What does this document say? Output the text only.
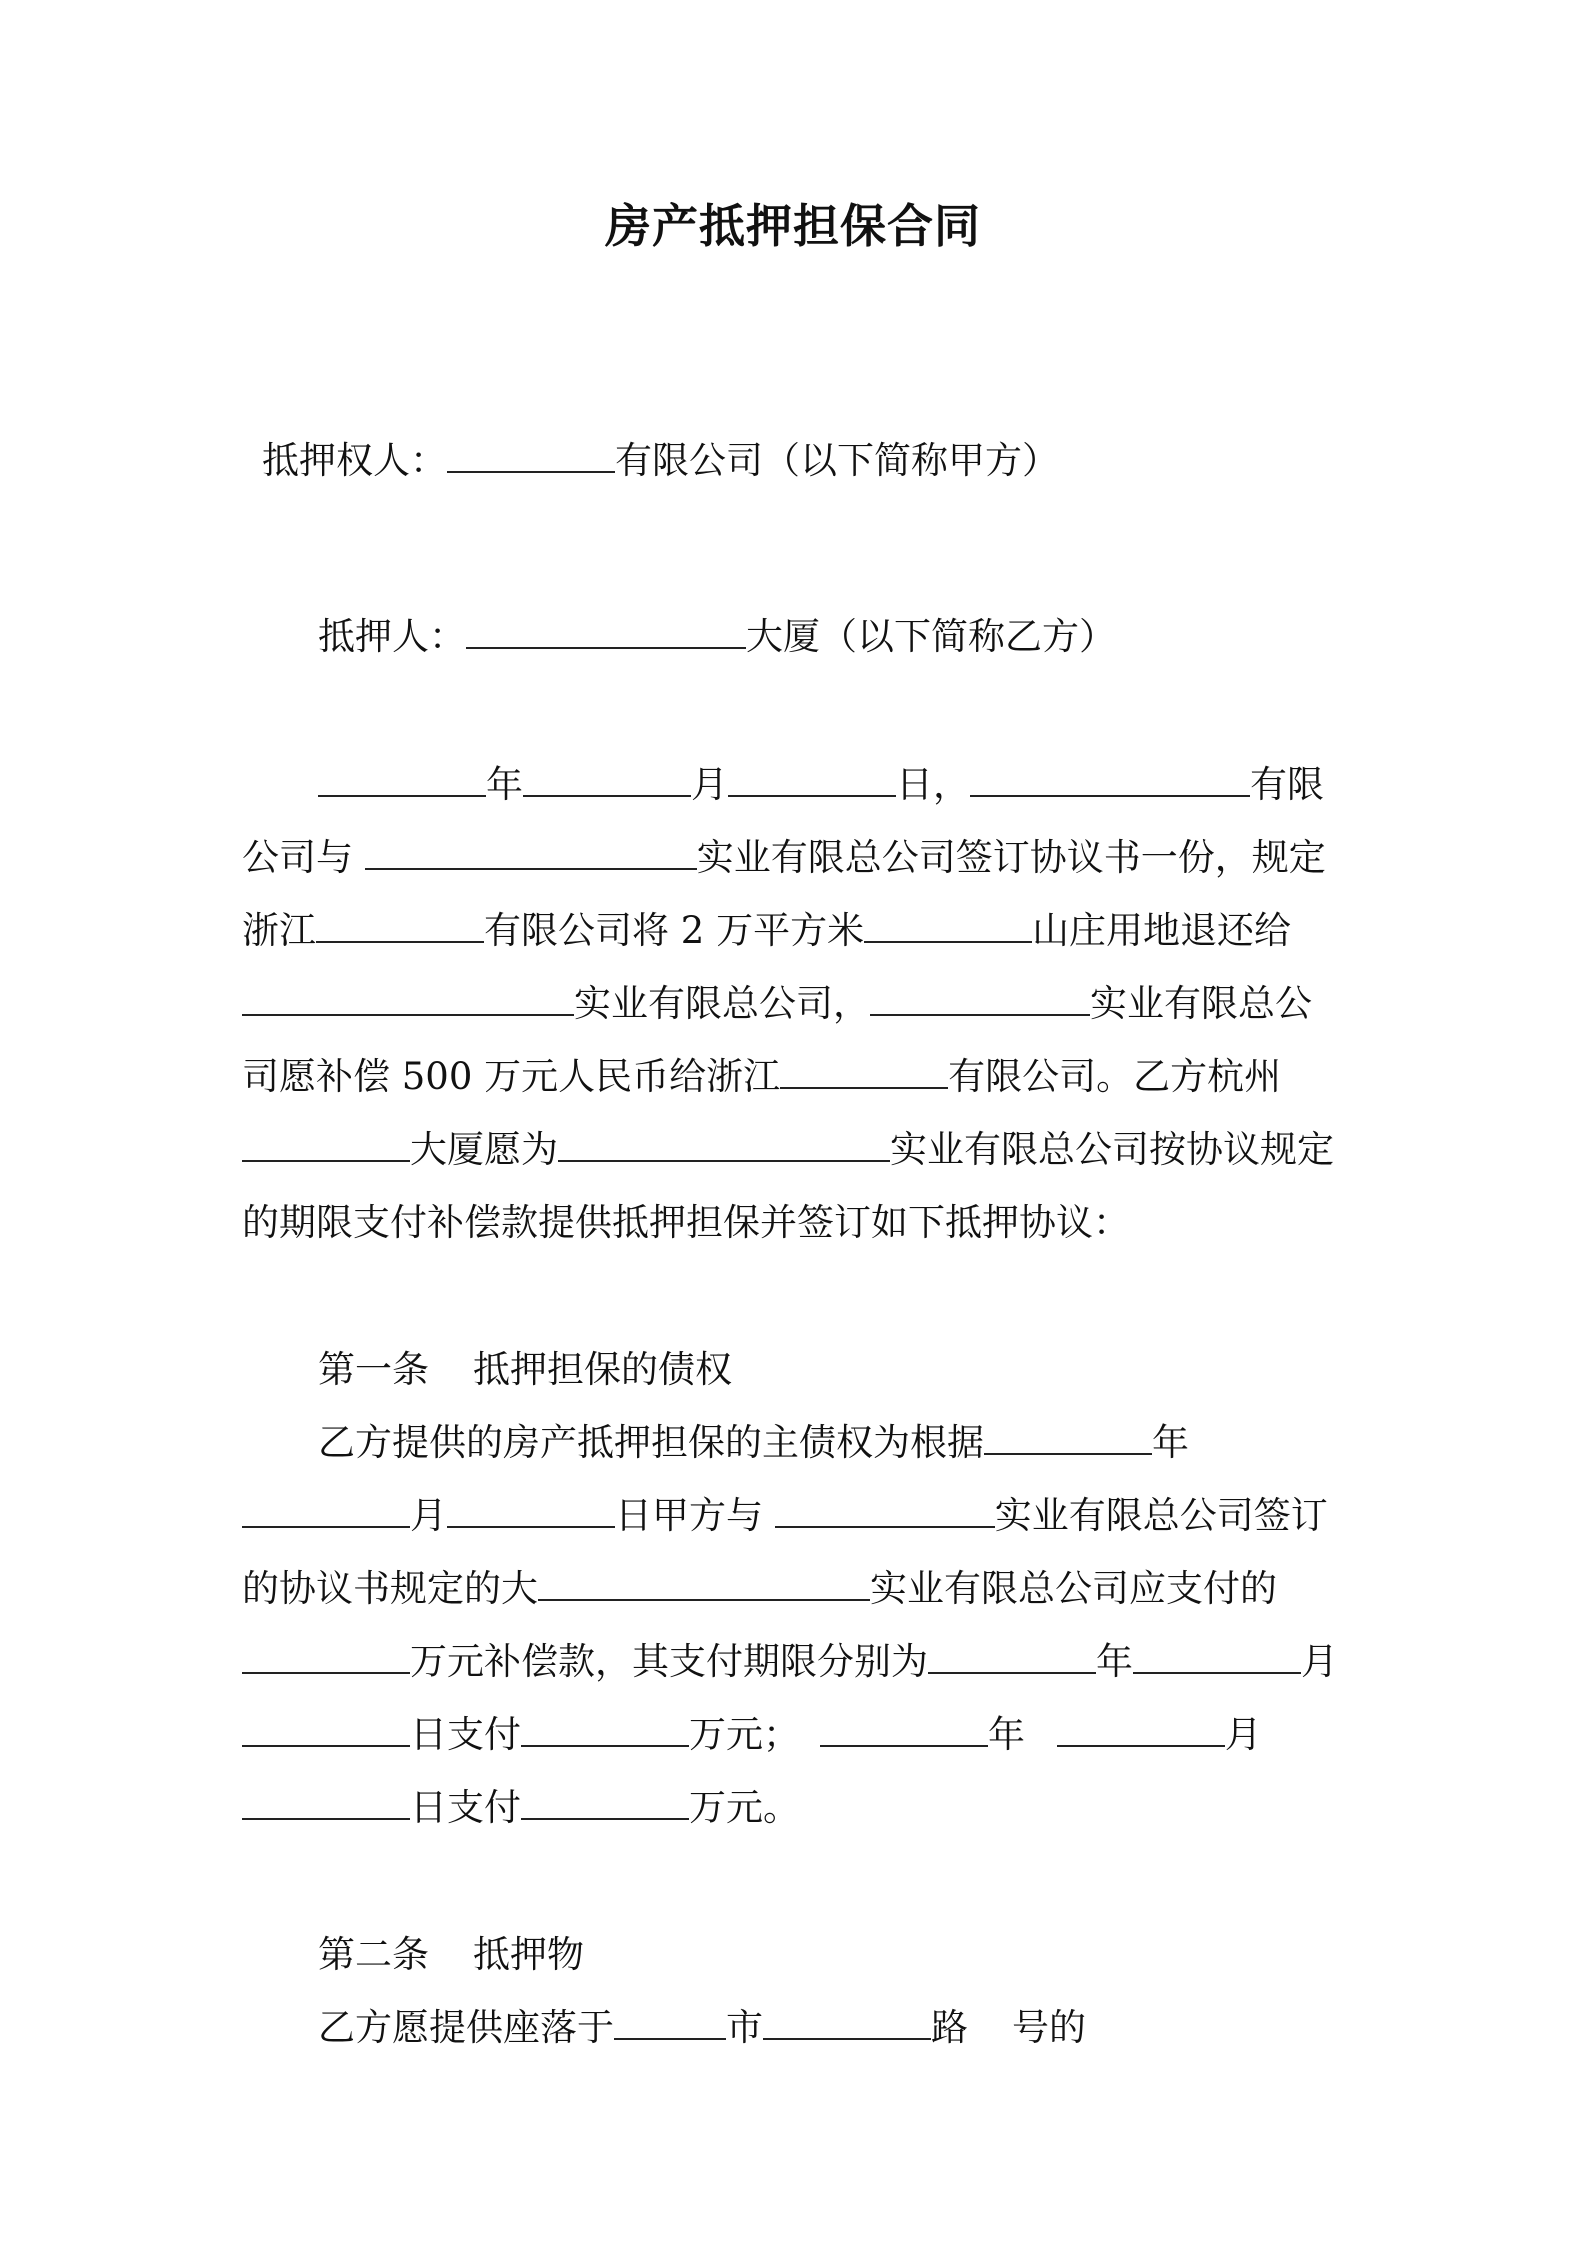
房产抵押担保合同
抵押权人：	有限公司（以下简称甲方）
抵押人：	大厦（以下简称乙方）
年	月	日，	有限
公司与	实业有限总公司签订协议书一份，规定
浙江	有限公司将 2 万平方米	山庄用地退还给
实业有限总公司，	实业有限总公
司愿补偿 500 万元人民币给浙江	有限公司。乙方杭州
大厦愿为	实业有限总公司按协议规定
的期限支付补偿款提供抵押担保并签订如下抵押协议：
第一条 抵押担保的债权
乙方提供的房产抵押担保的主债权为根据	年
月	日甲方与	实业有限总公司签订
的协议书规定的大	实业有限总公司应支付的
万元补偿款，其支付期限分别为	年	月
日支付	万元；	年	月
日支付	万元。
第二条 抵押物
乙方愿提供座落于	市	路 号的
